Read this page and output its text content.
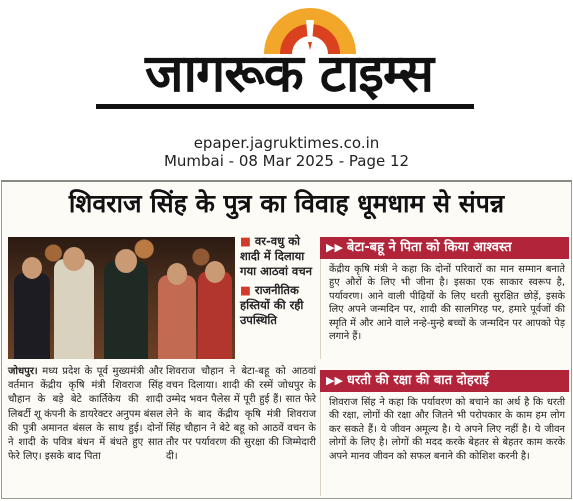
जागरूक टाइम्स
epaper.jagruktimes.co.in
Mumbai - 08 Mar 2025 - Page 12
शिवराज सिंह के पुत्र का विवाह धूमधाम से संपन्न

■ वर-वधु को शादी में दिलाया गया आठवां वचन

■ राजनीतिक हस्तियों की रही उपस्थिति

जोधपुर। मध्य प्रदेश के पूर्व मुख्यमंत्री और वर्तमान केंद्रीय कृषि मंत्री शिवराज सिंह चौहान के बड़े बेटे कार्तिकेय की शादी लिबर्टी शू कंपनी के डायरेक्टर अनुपम बंसल की पुत्री अमानत बंसल के साथ हुई। दोनों ने शादी के पवित्र बंधन में बंधते हुए सात फेरे लिए। इसके बाद पिता
शिवराज चौहान ने बेटा-बहू को आठवां वचन दिलाया। शादी की रस्में जोधपुर के उम्मेद भवन पैलेस में पूरी हुई हैं। सात फेरे लेने के बाद केंद्रीय कृषि मंत्री शिवराज सिंह चौहान ने बेटे बहू को आठवें वचन के तौर पर पर्यावरण की सुरक्षा की जिम्मेदारी दी।
▶▶ बेटा-बहू ने पिता को किया आश्वस्त
केंद्रीय कृषि मंत्री ने कहा कि दोनों परिवारों का मान सम्मान बनाते हुए औरों के लिए भी जीना है। इसका एक साकार स्वरूप है, पर्यावरण। आने वाली पीढ़ियों के लिए धरती सुरक्षित छोड़ें, इसके लिए अपने जन्मदिन पर, शादी की सालगिरह पर, हमारे पूर्वजों की स्मृति में और आने वाले नन्हे-मुन्हे बच्चों के जन्मदिन पर आपको पेड़ लगाने हैं।
▶▶ धरती की रक्षा की बात दोहराई
शिवराज सिंह ने कहा कि पर्यावरण को बचाने का अर्थ है कि धरती की रक्षा, लोगों की रक्षा और जितने भी परोपकार के काम हम लोग कर सकते हैं। ये जीवन अमूल्य है। ये अपने लिए नहीं है। ये जीवन लोगों के लिए है। लोगों की मदद करके बेहतर से बेहतर काम करके अपने मानव जीवन को सफल बनाने की कोशिश करनी है।
